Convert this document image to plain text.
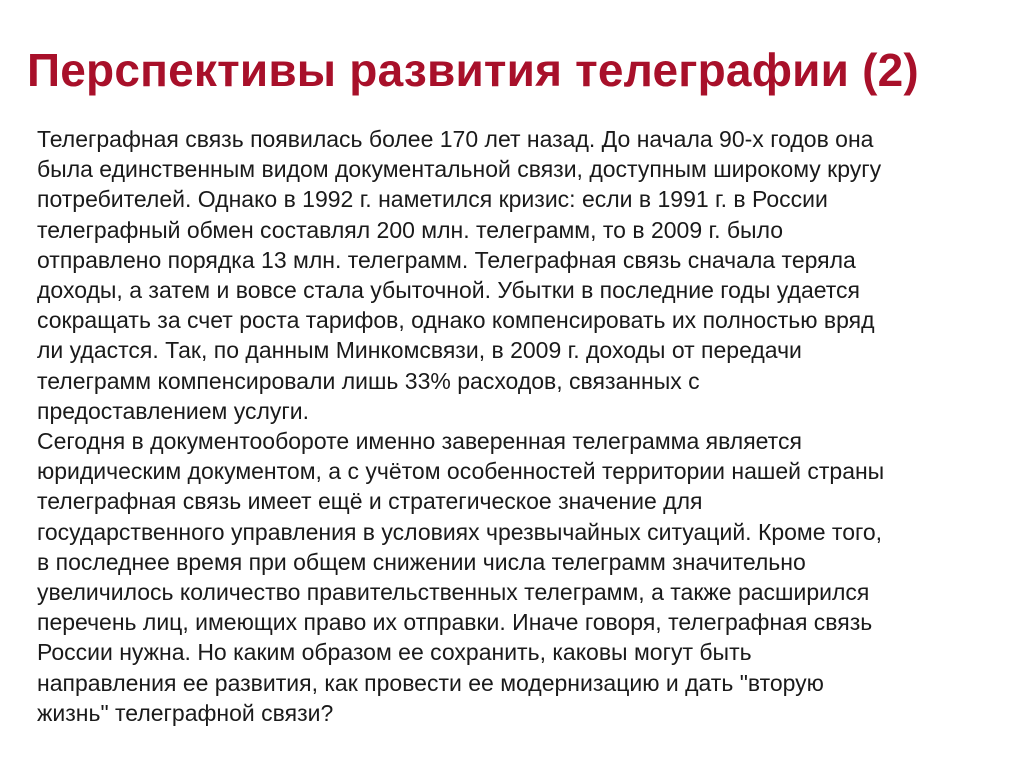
Перспективы развития телеграфии (2)
Телеграфная связь появилась более 170 лет назад. До начала 90-х годов она
была единственным видом документальной связи, доступным широкому кругу
потребителей. Однако в 1992 г. наметился кризис: если в 1991 г. в России
телеграфный обмен составлял 200 млн. телеграмм, то в 2009 г. было
отправлено порядка 13 млн. телеграмм. Телеграфная связь сначала теряла
доходы, а затем и вовсе стала убыточной. Убытки в последние годы удается
сокращать за счет роста тарифов, однако компенсировать их полностью вряд
ли удастся. Так, по данным Минкомсвязи, в 2009 г. доходы от передачи
телеграмм компенсировали лишь 33% расходов, связанных с
предоставлением услуги.
Сегодня в документообороте именно заверенная телеграмма является
юридическим документом, а с учётом особенностей территории нашей страны
телеграфная связь имеет ещё и стратегическое значение для
государственного управления в условиях чрезвычайных ситуаций. Кроме того,
в последнее время при общем снижении числа телеграмм значительно
увеличилось количество правительственных телеграмм, а также расширился
перечень лиц, имеющих право их отправки. Иначе говоря, телеграфная связь
России нужна. Но каким образом ее сохранить, каковы могут быть
направления ее развития, как провести ее модернизацию и дать "вторую
жизнь" телеграфной связи?
